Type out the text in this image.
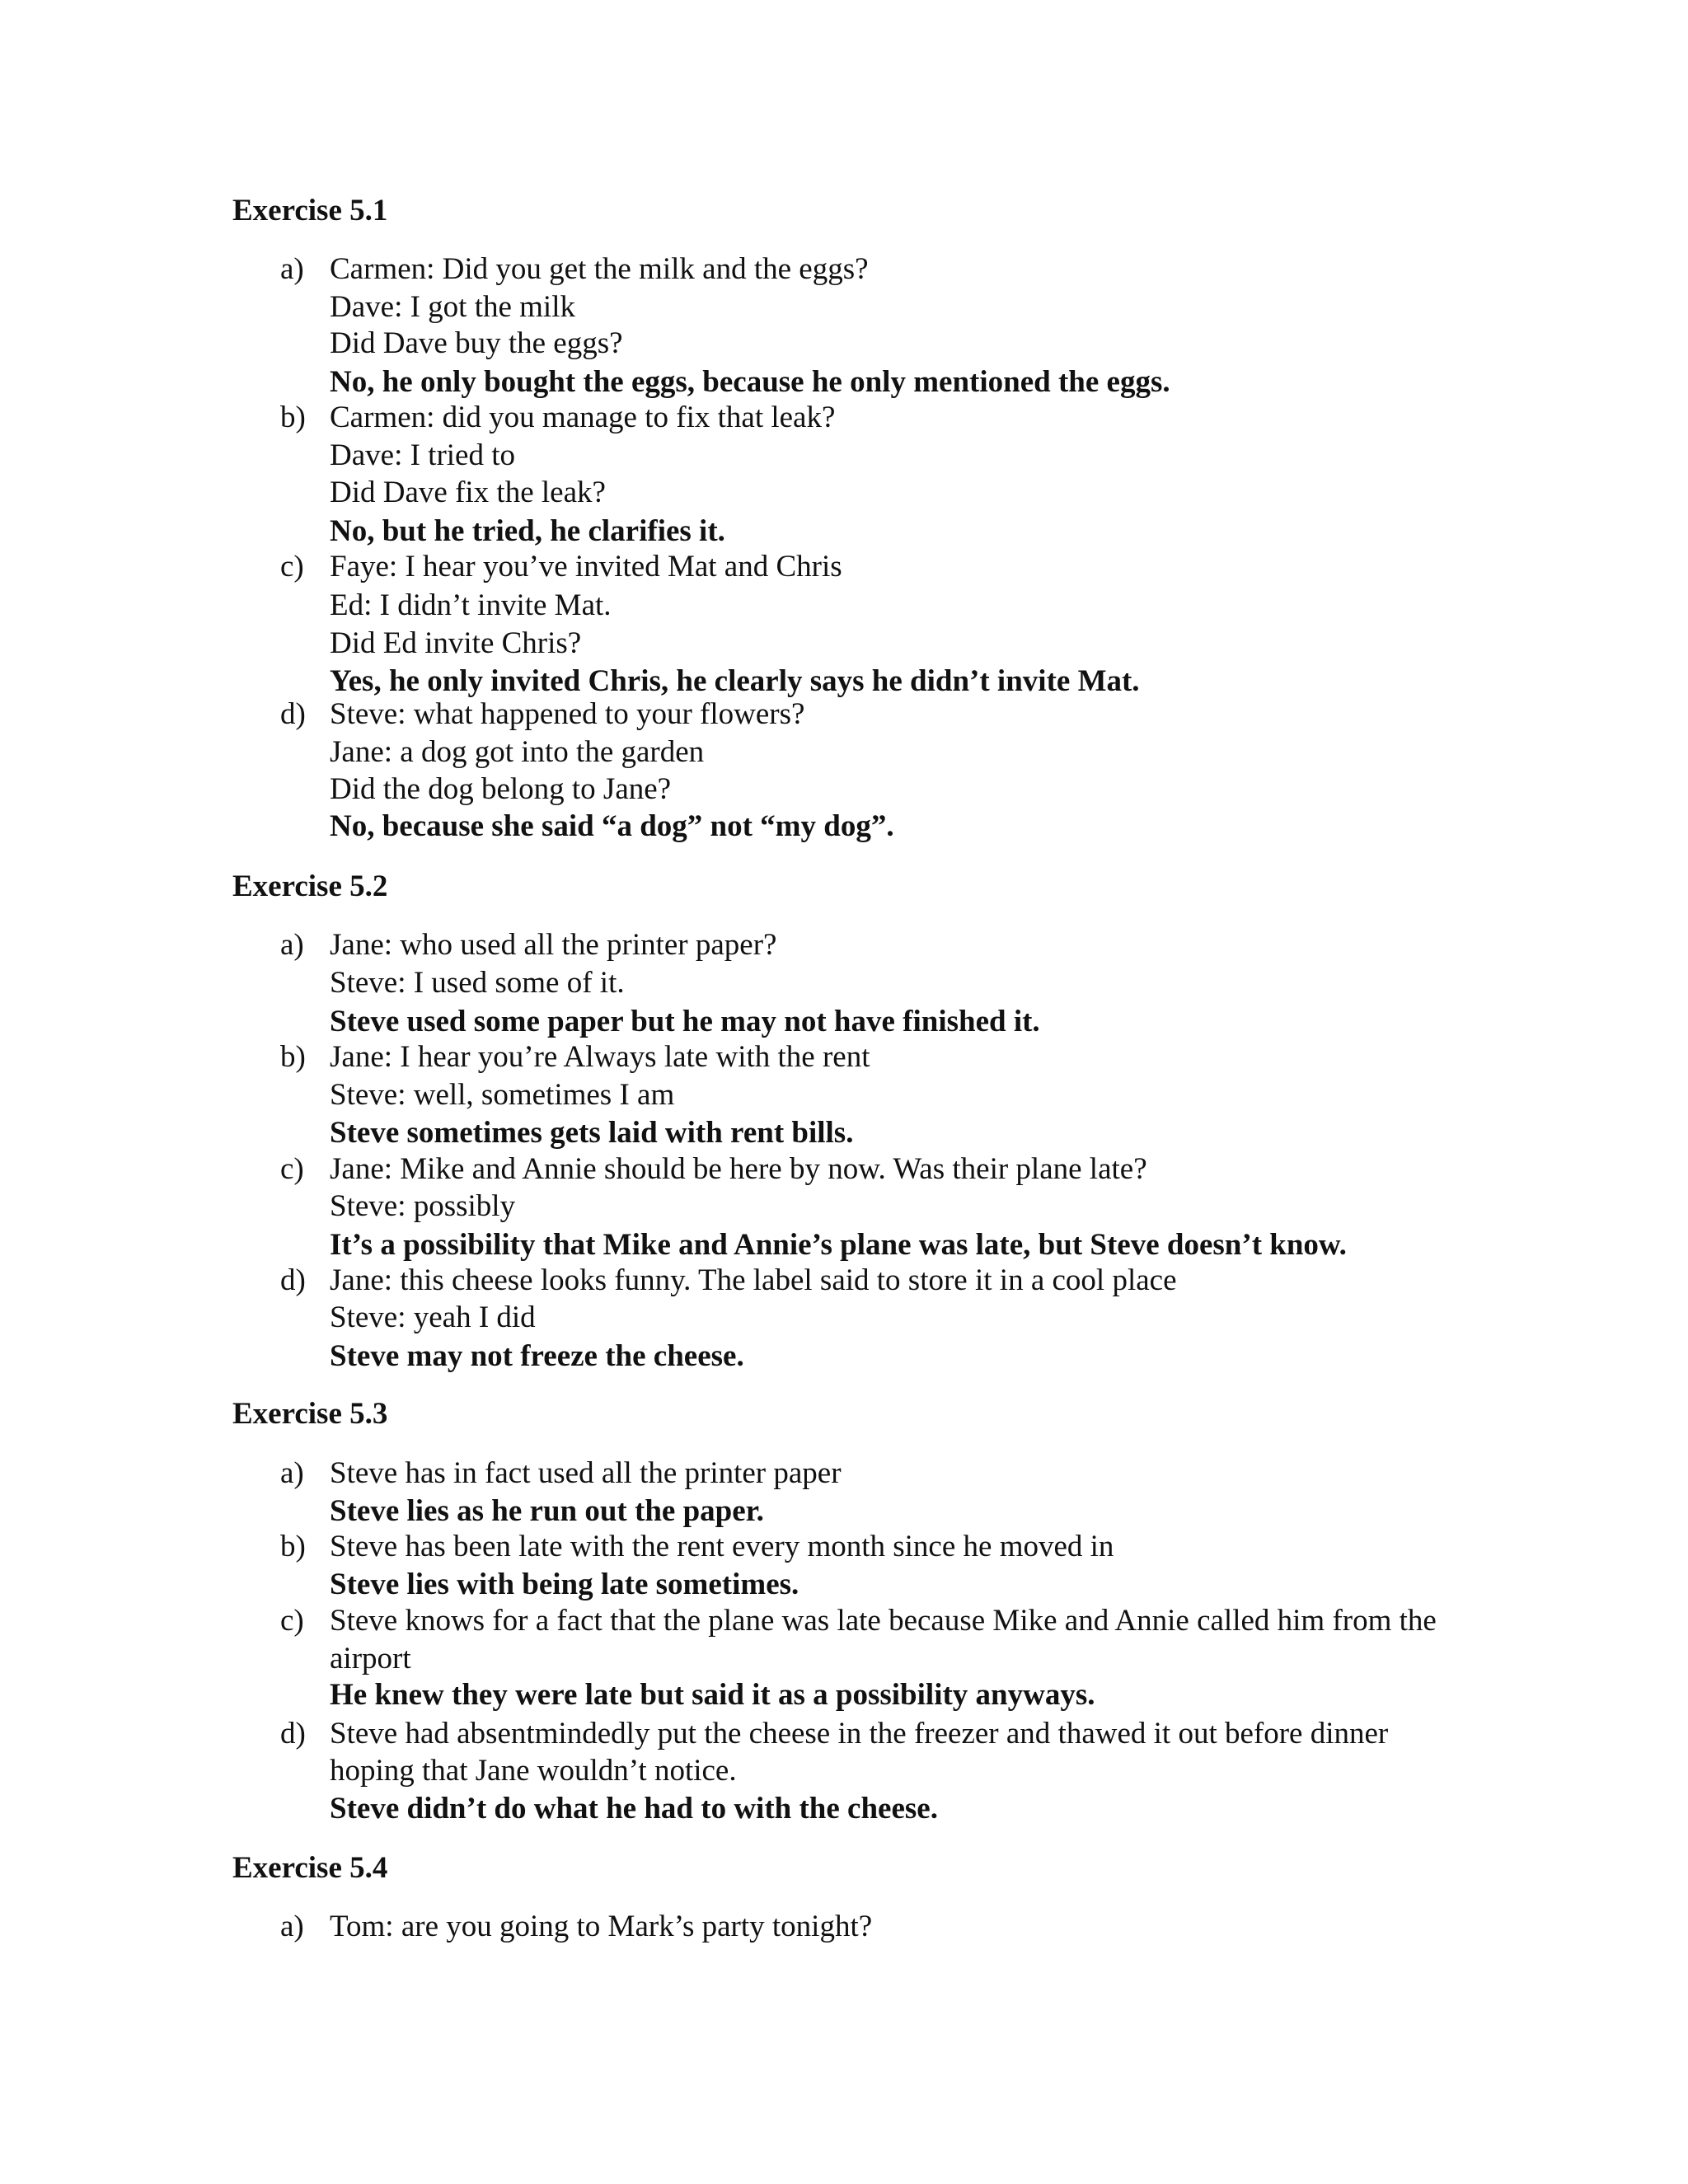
Exercise 5.1
a) Carmen: Did you get the milk and the eggs?
Dave: I got the milk
Did Dave buy the eggs?
No, he only bought the eggs, because he only mentioned the eggs.
b) Carmen: did you manage to fix that leak?
Dave: I tried to
Did Dave fix the leak?
No, but he tried, he clarifies it.
c) Faye: I hear you’ve invited Mat and Chris
Ed: I didn’t invite Mat.
Did Ed invite Chris?
Yes, he only invited Chris, he clearly says he didn’t invite Mat.
d) Steve: what happened to your flowers?
Jane: a dog got into the garden
Did the dog belong to Jane?
No, because she said “a dog” not “my dog”.
Exercise 5.2
a) Jane: who used all the printer paper?
Steve: I used some of it.
Steve used some paper but he may not have finished it.
b) Jane: I hear you’re Always late with the rent
Steve: well, sometimes I am
Steve sometimes gets laid with rent bills.
c) Jane: Mike and Annie should be here by now. Was their plane late?
Steve: possibly
It’s a possibility that Mike and Annie’s plane was late, but Steve doesn’t know.
d) Jane: this cheese looks funny. The label said to store it in a cool place
Steve: yeah I did
Steve may not freeze the cheese.
Exercise 5.3
a) Steve has in fact used all the printer paper
Steve lies as he run out the paper.
b) Steve has been late with the rent every month since he moved in
Steve lies with being late sometimes.
c) Steve knows for a fact that the plane was late because Mike and Annie called him from the
airport
He knew they were late but said it as a possibility anyways.
d) Steve had absentmindedly put the cheese in the freezer and thawed it out before dinner
hoping that Jane wouldn’t notice.
Steve didn’t do what he had to with the cheese.
Exercise 5.4
a) Tom: are you going to Mark’s party tonight?
